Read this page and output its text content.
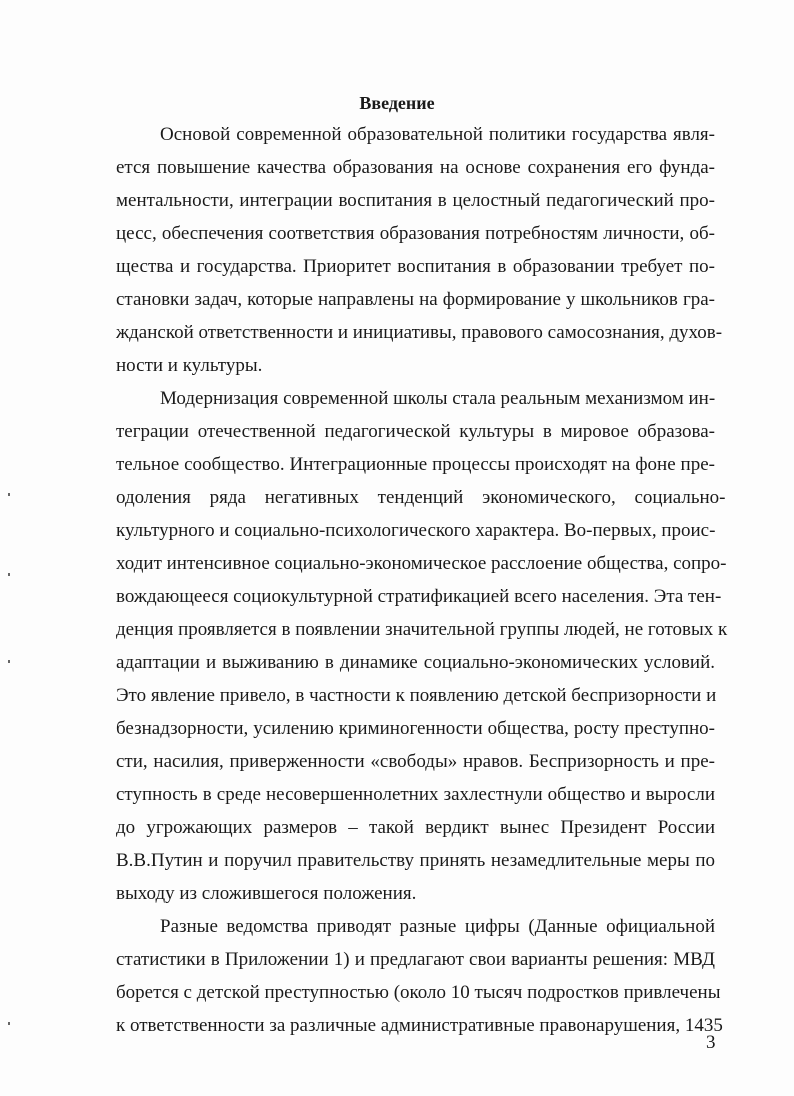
Введение
Основой современной образовательной политики государства явля-
ется повышение качества образования на основе сохранения его фунда-
ментальности, интеграции воспитания в целостный педагогический про-
цесс, обеспечения соответствия образования потребностям личности, об-
щества и государства. Приоритет воспитания в образовании требует по-
становки задач, которые направлены на формирование у школьников гра-
жданской ответственности и инициативы, правового самосознания, духов-
ности и культуры.
Модернизация современной школы стала реальным механизмом ин-
теграции отечественной педагогической культуры в мировое образова-
тельное сообщество. Интеграционные процессы происходят на фоне пре-
одоления ряда негативных тенденций экономического, социально-
культурного и социально-психологического характера. Во-первых, проис-
ходит интенсивное социально-экономическое расслоение общества, сопро-
вождающееся социокультурной стратификацией всего населения. Эта тен-
денция проявляется в появлении значительной группы людей, не готовых к
адаптации и выживанию в динамике социально-экономических условий.
Это явление привело, в частности к появлению детской беспризорности и
безнадзорности, усилению криминогенности общества, росту преступно-
сти, насилия, приверженности «свободы» нравов. Беспризорность и пре-
ступность в среде несовершеннолетних захлестнули общество и выросли
до угрожающих размеров – такой вердикт вынес Президент России
В.В.Путин и поручил правительству принять незамедлительные меры по
выходу из сложившегося положения.
Разные ведомства приводят разные цифры (Данные официальной
статистики в Приложении 1) и предлагают свои варианты решения: МВД
борется с детской преступностью (около 10 тысяч подростков привлечены
к ответственности за различные административные правонарушения, 1435
3
